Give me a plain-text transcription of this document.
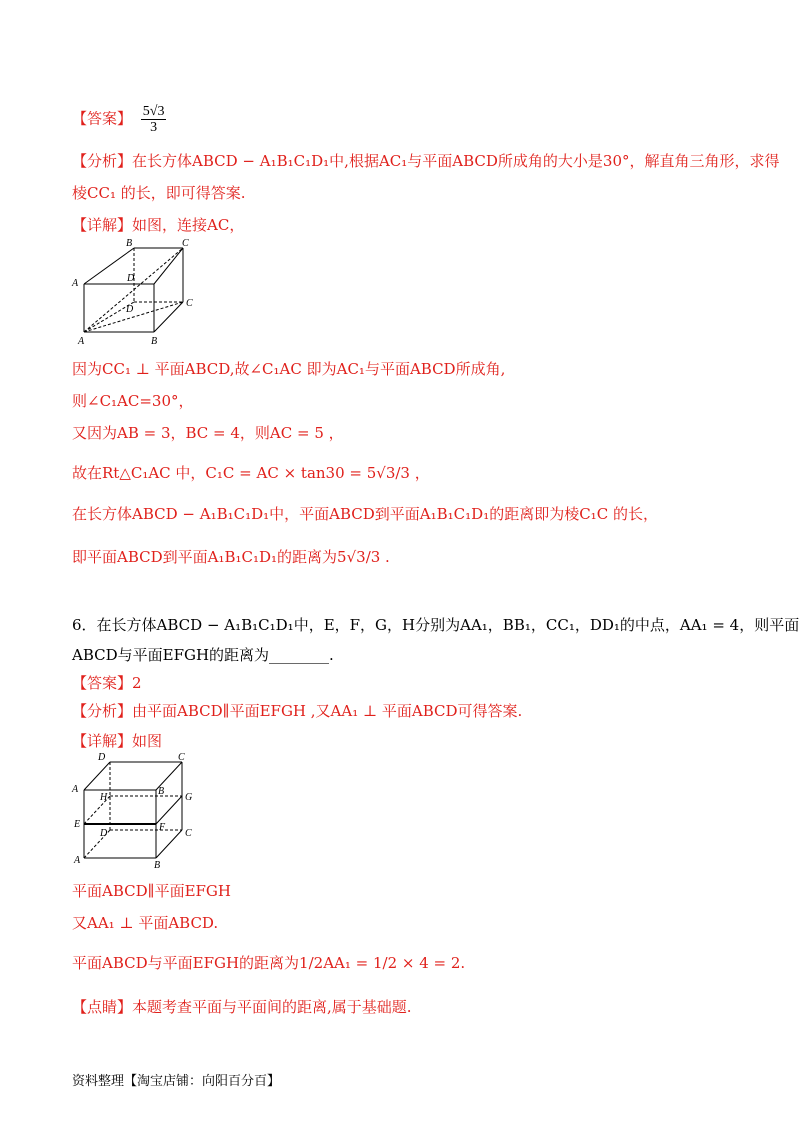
【答案】 $\frac{5√3}{3}$
【分析】在长方体ABCD − A₁B₁C₁D₁中,根据AC₁与平面ABCD所成角的大小是30°，解直角三角形，求得
棱CC₁ 的长，即可得答案.
【详解】如图，连接AC，
B	C
D
A
D
C
A	B
因为CC₁ ⊥ 平面ABCD,故∠C₁AC 即为AC₁与平面ABCD所成角,
则∠C₁AC=30°，
又因为AB = 3，BC = 4，则AC = 5 ，
故在Rt△C₁AC 中，C₁C = AC × tan30 = 5√3/3 ，
在长方体ABCD − A₁B₁C₁D₁中，平面ABCD到平面A₁B₁C₁D₁的距离即为棱C₁C 的长，
即平面ABCD到平面A₁B₁C₁D₁的距离为5√3/3 .
6．在长方体ABCD − A₁B₁C₁D₁中，E，F，G，H分别为AA₁，BB₁，CC₁，DD₁的中点，AA₁ = 4，则平面
ABCD与平面EFGH的距离为________.
【答案】2
【分析】由平面ABCD∥平面EFGH ,又AA₁ ⊥ 平面ABCD可得答案.
【详解】如图
D	C
A	B
H	G
E	F
D	C
A	B
平面ABCD∥平面EFGH
又AA₁ ⊥ 平面ABCD.
平面ABCD与平面EFGH的距离为1/2AA₁ = 1/2 × 4 = 2.
【点睛】本题考查平面与平面间的距离,属于基础题.
资料整理【淘宝店铺：向阳百分百】
